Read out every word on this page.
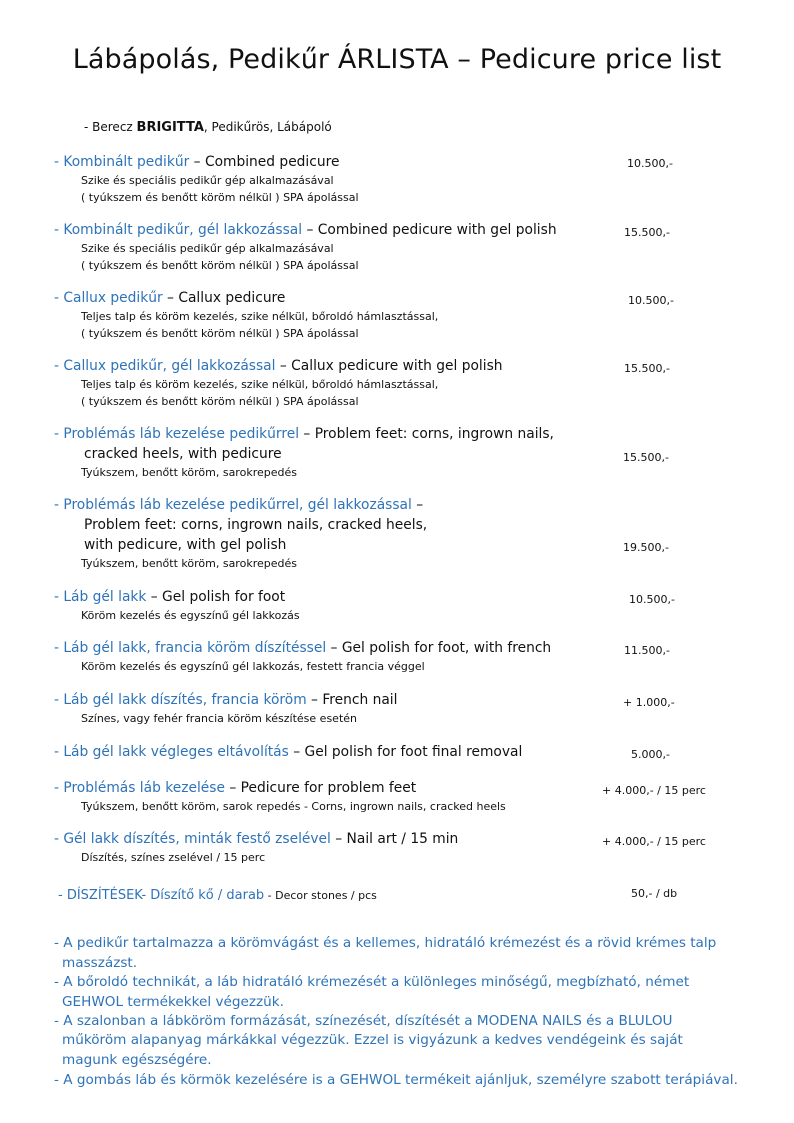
Lábápolás, Pedikűr ÁRLISTA – Pedicure price list
- Berecz BRIGITTA, Pedikűrös, Lábápoló
- Kombinált pedikűr – Combined pedicure
Szike és speciális pedikűr gép alkalmazásával
( tyúkszem és benőtt köröm nélkül ) SPA ápolással
10.500,-
- Kombinált pedikűr, gél lakkozással – Combined pedicure with gel polish
Szike és speciális pedikűr gép alkalmazásával
( tyúkszem és benőtt köröm nélkül ) SPA ápolással
15.500,-
- Callux pedikűr – Callux pedicure
Teljes talp és köröm kezelés, szike nélkül, bőroldó hámlasztással,
( tyúkszem és benőtt köröm nélkül ) SPA ápolással
10.500,-
- Callux pedikűr, gél lakkozással – Callux pedicure with gel polish
Teljes talp és köröm kezelés, szike nélkül, bőroldó hámlasztással,
( tyúkszem és benőtt köröm nélkül ) SPA ápolással
15.500,-
- Problémás láb kezelése pedikűrrel – Problem feet: corns, ingrown nails,
cracked heels, with pedicure
Tyúkszem, benőtt köröm, sarokrepedés
15.500,-
- Problémás láb kezelése pedikűrrel, gél lakkozással –
Problem feet: corns, ingrown nails, cracked heels,
with pedicure, with gel polish
Tyúkszem, benőtt köröm, sarokrepedés
19.500,-
- Láb gél lakk – Gel polish for foot
Köröm kezelés és egyszínű gél lakkozás
10.500,-
- Láb gél lakk, francia köröm díszítéssel – Gel polish for foot, with french
Köröm kezelés és egyszínű gél lakkozás, festett francia véggel
11.500,-
- Láb gél lakk díszítés, francia köröm – French nail
Színes, vagy fehér francia köröm készítése esetén
+ 1.000,-
- Láb gél lakk végleges eltávolítás – Gel polish for foot final removal	5.000,-
- Problémás láb kezelése – Pedicure for problem feet
Tyúkszem, benőtt köröm, sarok repedés - Corns, ingrown nails, cracked heels
+ 4.000,- / 15 perc
- Gél lakk díszítés, minták festő zselével – Nail art / 15 min
Díszítés, színes zselével / 15 perc
+ 4.000,- / 15 perc
- DÍSZÍTÉSEK- Díszítő kő / darab - Decor stones / pcs	50,- / db
- A pedikűr tartalmazza a körömvágást és a kellemes, hidratáló krémezést és a rövid krémes talp
masszázst.
- A bőroldó technikát, a láb hidratáló krémezését a különleges minőségű, megbízható, német
GEHWOL termékekkel végezzük.
- A szalonban a lábköröm formázását, színezését, díszítését a MODENA NAILS és a BLULOU
műköröm alapanyag márkákkal végezzük. Ezzel is vigyázunk a kedves vendégeink és saját
magunk egészségére.
- A gombás láb és körmök kezelésére is a GEHWOL termékeit ajánljuk, személyre szabott terápiával.
